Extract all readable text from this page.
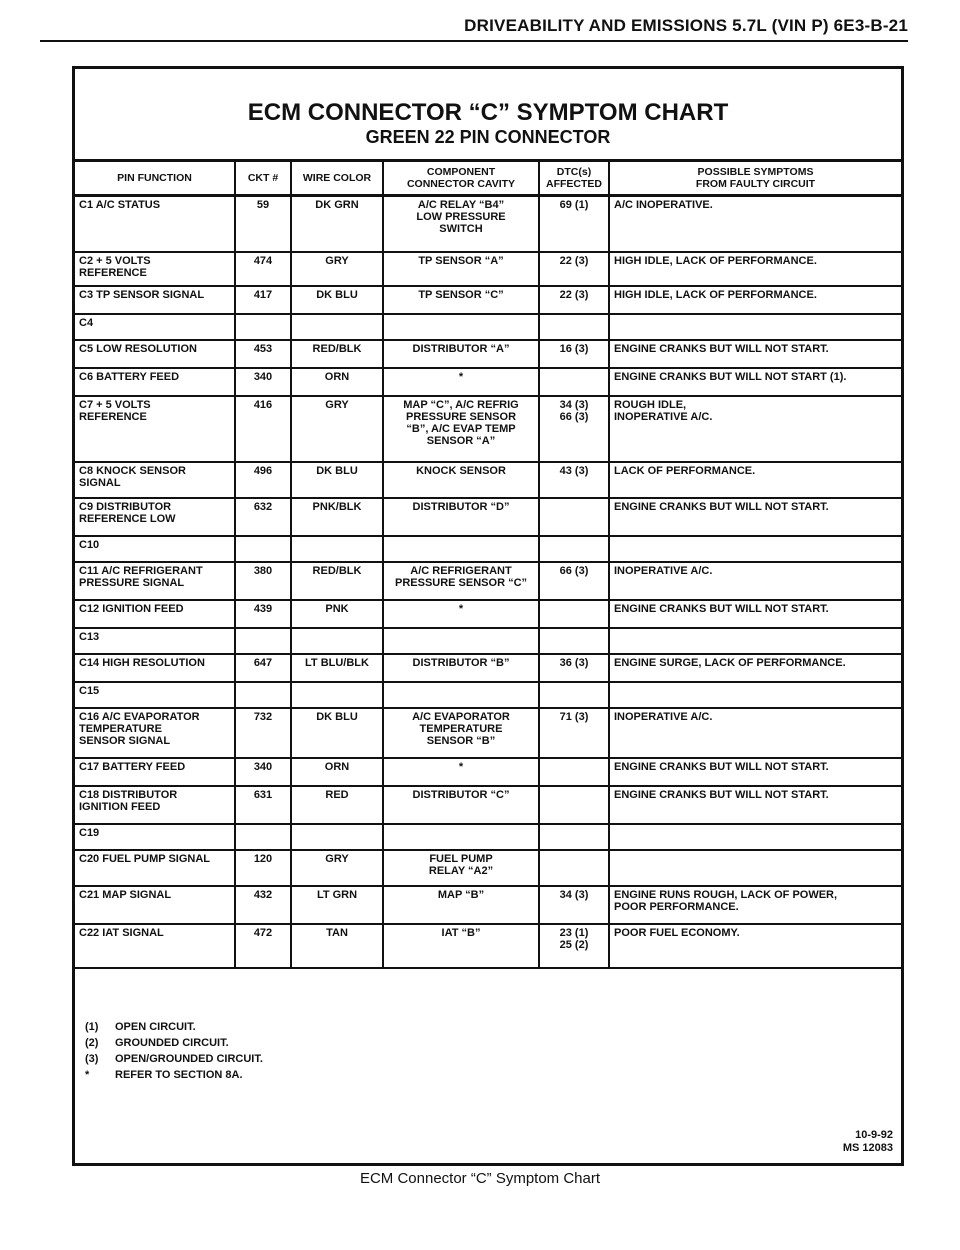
DRIVEABILITY AND EMISSIONS 5.7L (VIN P) 6E3-B-21
ECM CONNECTOR “C” SYMPTOM CHART
GREEN 22 PIN CONNECTOR
PIN FUNCTION	CKT #	WIRE COLOR	COMPONENT
CONNECTOR CAVITY	DTC(s)
AFFECTED	POSSIBLE SYMPTOMS
FROM FAULTY CIRCUIT
C1 A/C STATUS	59	DK GRN	A/C RELAY “B4”
LOW PRESSURE
SWITCH	69 (1)	A/C INOPERATIVE.
C2 + 5 VOLTS
REFERENCE	474	GRY	TP SENSOR “A”	22 (3)	HIGH IDLE, LACK OF PERFORMANCE.
C3 TP SENSOR SIGNAL	417	DK BLU	TP SENSOR “C”	22 (3)	HIGH IDLE, LACK OF PERFORMANCE.
C4					
C5 LOW RESOLUTION	453	RED/BLK	DISTRIBUTOR “A”	16 (3)	ENGINE CRANKS BUT WILL NOT START.
C6 BATTERY FEED	340	ORN	*		ENGINE CRANKS BUT WILL NOT START (1).
C7 + 5 VOLTS
REFERENCE	416	GRY	MAP “C”, A/C REFRIG
PRESSURE SENSOR
“B”, A/C EVAP TEMP
SENSOR “A”	34 (3)
66 (3)	ROUGH IDLE,
INOPERATIVE A/C.
C8 KNOCK SENSOR
SIGNAL	496	DK BLU	KNOCK SENSOR	43 (3)	LACK OF PERFORMANCE.
C9 DISTRIBUTOR
REFERENCE LOW	632	PNK/BLK	DISTRIBUTOR “D”		ENGINE CRANKS BUT WILL NOT START.
C10					
C11 A/C REFRIGERANT
PRESSURE SIGNAL	380	RED/BLK	A/C REFRIGERANT
PRESSURE SENSOR “C”	66 (3)	INOPERATIVE A/C.
C12 IGNITION FEED	439	PNK	*		ENGINE CRANKS BUT WILL NOT START.
C13					
C14 HIGH RESOLUTION	647	LT BLU/BLK	DISTRIBUTOR “B”	36 (3)	ENGINE SURGE, LACK OF PERFORMANCE.
C15					
C16 A/C EVAPORATOR
TEMPERATURE
SENSOR SIGNAL	732	DK BLU	A/C EVAPORATOR
TEMPERATURE
SENSOR “B”	71 (3)	INOPERATIVE A/C.
C17 BATTERY FEED	340	ORN	*		ENGINE CRANKS BUT WILL NOT START.
C18 DISTRIBUTOR
IGNITION FEED	631	RED	DISTRIBUTOR “C”		ENGINE CRANKS BUT WILL NOT START.
C19					
C20 FUEL PUMP SIGNAL	120	GRY	FUEL PUMP
RELAY “A2”		
C21 MAP SIGNAL	432	LT GRN	MAP “B”	34 (3)	ENGINE RUNS ROUGH, LACK OF POWER,
POOR PERFORMANCE.
C22 IAT SIGNAL	472	TAN	IAT “B”	23 (1)
25 (2)	POOR FUEL ECONOMY.
(1)	OPEN CIRCUIT.
(2)	GROUNDED CIRCUIT.
(3)	OPEN/GROUNDED CIRCUIT.
*	REFER TO SECTION 8A.
10-9-92
MS 12083
ECM Connector “C” Symptom Chart
